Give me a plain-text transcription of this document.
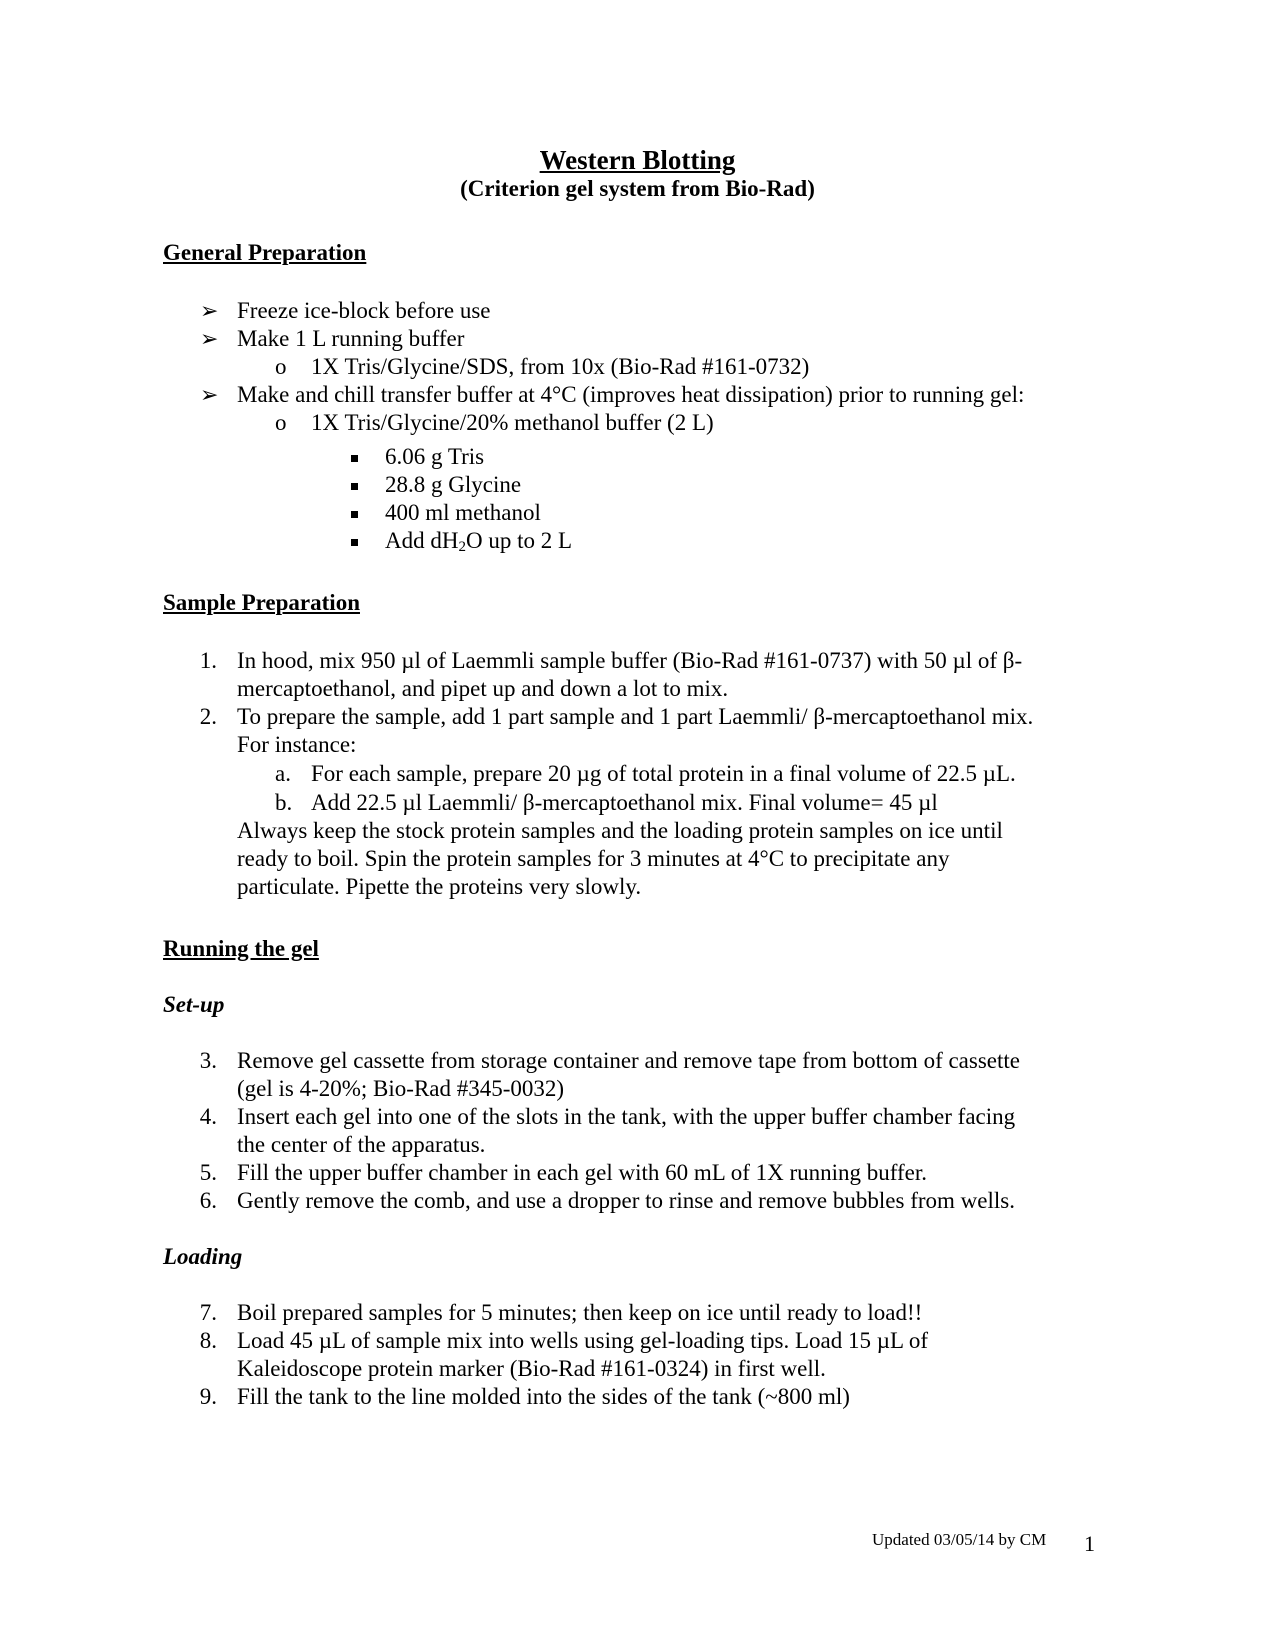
Western Blotting
(Criterion gel system from Bio-Rad)
General Preparation
➢ Freeze ice-block before use
➢ Make 1 L running buffer
o 1X Tris/Glycine/SDS, from 10x (Bio-Rad #161-0732)
➢ Make and chill transfer buffer at 4°C (improves heat dissipation) prior to running gel:
o 1X Tris/Glycine/20% methanol buffer (2 L)
6.06 g Tris
28.8 g Glycine
400 ml methanol
Add $dH_2O$ up to 2 L
Sample Preparation
1. In hood, mix 950 µl of Laemmli sample buffer (Bio-Rad #161-0737) with 50 µl of β-
mercaptoethanol, and pipet up and down a lot to mix.
2. To prepare the sample, add 1 part sample and 1 part Laemmli/ β-mercaptoethanol mix.
For instance:
a. For each sample, prepare 20 µg of total protein in a final volume of 22.5 µL.
b. Add 22.5 µl Laemmli/ β-mercaptoethanol mix. Final volume= 45 µl
Always keep the stock protein samples and the loading protein samples on ice until
ready to boil. Spin the protein samples for 3 minutes at 4°C to precipitate any
particulate. Pipette the proteins very slowly.
Running the gel
Set-up
3. Remove gel cassette from storage container and remove tape from bottom of cassette
(gel is 4-20%; Bio-Rad #345-0032)
4. Insert each gel into one of the slots in the tank, with the upper buffer chamber facing
the center of the apparatus.
5. Fill the upper buffer chamber in each gel with 60 mL of 1X running buffer.
6. Gently remove the comb, and use a dropper to rinse and remove bubbles from wells.
Loading
7. Boil prepared samples for 5 minutes; then keep on ice until ready to load!!
8. Load 45 µL of sample mix into wells using gel-loading tips. Load 15 µL of
Kaleidoscope protein marker (Bio-Rad #161-0324) in first well.
9. Fill the tank to the line molded into the sides of the tank (~800 ml)
Updated 03/05/14 by CM 1
